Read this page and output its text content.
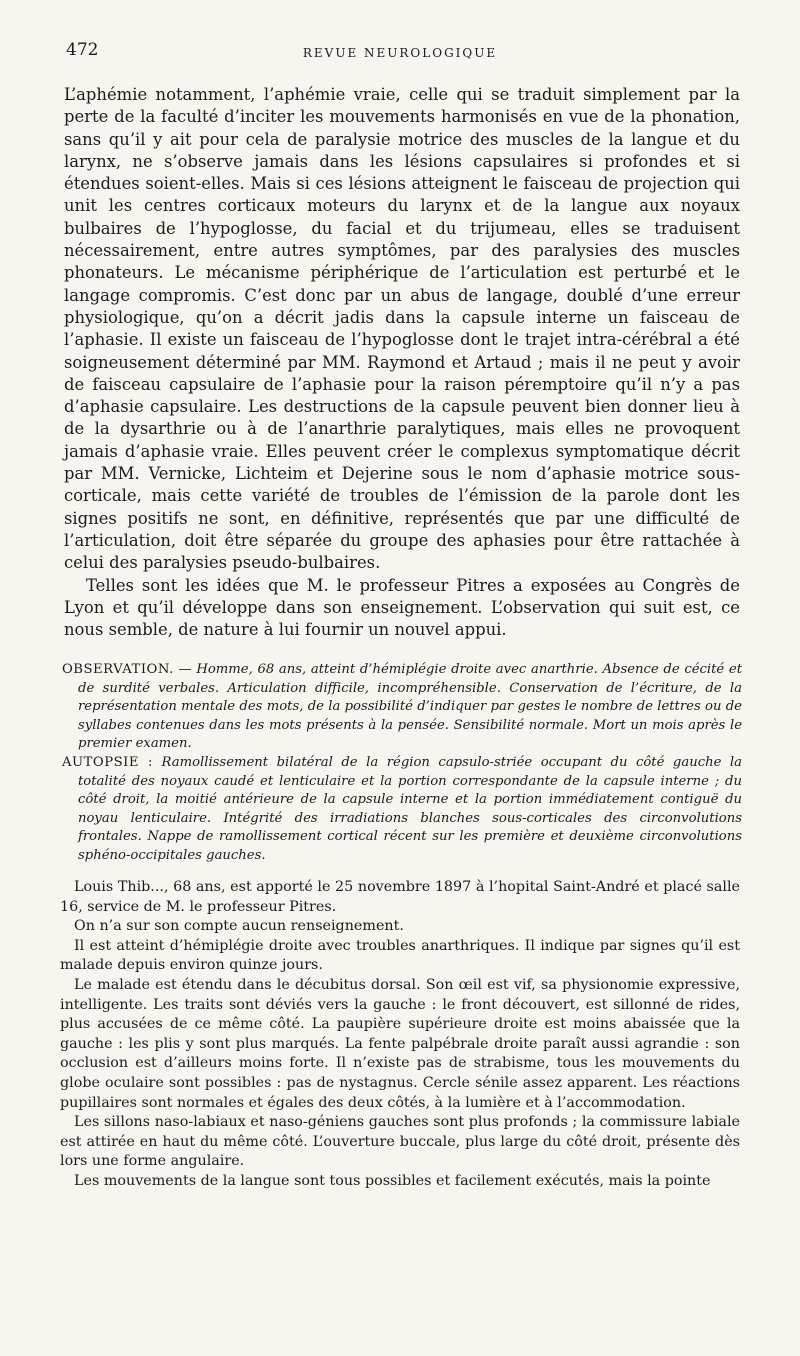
472	REVUE NEUROLOGIQUE

L’aphémie notamment, l’aphémie vraie, celle qui se traduit simplement par la perte de la faculté d’inciter les mouvements harmonisés en vue de la phonation, sans qu’il y ait pour cela de paralysie motrice des muscles de la langue et du larynx, ne s’observe jamais dans les lésions capsulaires si profondes et si étendues soient-elles. Mais si ces lésions atteignent le faisceau de projection qui unit les centres corticaux moteurs du larynx et de la langue aux noyaux bulbaires de l’hypoglosse, du facial et du trijumeau, elles se traduisent nécessairement, entre autres symptômes, par des paralysies des muscles phonateurs. Le mécanisme périphérique de l’articulation est perturbé et le langage compromis. C’est donc par un abus de langage, doublé d’une erreur physiologique, qu’on a décrit jadis dans la capsule interne un faisceau de l’aphasie. Il existe un faisceau de l’hypoglosse dont le trajet intra-cérébral a été soigneusement déterminé par MM. Raymond et Artaud ; mais il ne peut y avoir de faisceau capsulaire de l’aphasie pour la raison péremptoire qu’il n’y a pas d’aphasie capsulaire. Les destructions de la capsule peuvent bien donner lieu à de la dysarthrie ou à de l’anarthrie paralytiques, mais elles ne provoquent jamais d’aphasie vraie. Elles peuvent créer le complexus symptomatique décrit par MM. Vernicke, Lichteim et Dejerine sous le nom d’aphasie motrice sous-corticale, mais cette variété de troubles de l’émission de la parole dont les signes positifs ne sont, en définitive, représentés que par une difficulté de l’articulation, doit être séparée du groupe des aphasies pour être rattachée à celui des paralysies pseudo-bulbaires.

Telles sont les idées que M. le professeur Pitres a exposées au Congrès de Lyon et qu’il développe dans son enseignement. L’observation qui suit est, ce nous semble, de nature à lui fournir un nouvel appui.

OBSERVATION. — Homme, 68 ans, atteint d’hémiplégie droite avec anarthrie. Absence de cécité et de surdité verbales. Articulation difficile, incompréhensible. Conservation de l’écriture, de la représentation mentale des mots, de la possibilité d’indiquer par gestes le nombre de lettres ou de syllabes contenues dans les mots présents à la pensée. Sensibilité normale. Mort un mois après le premier examen.

AUTOPSIE : Ramollissement bilatéral de la région capsulo-striée occupant du côté gauche la totalité des noyaux caudé et lenticulaire et la portion correspondante de la capsule interne ; du côté droit, la moitié antérieure de la capsule interne et la portion immédiatement contiguë du noyau lenticulaire. Intégrité des irradiations blanches sous-corticales des circonvolutions frontales. Nappe de ramollissement cortical récent sur les première et deuxième circonvolutions sphéno-occipitales gauches.

Louis Thib..., 68 ans, est apporté le 25 novembre 1897 à l’hopital Saint-André et placé salle 16, service de M. le professeur Pitres.

On n’a sur son compte aucun renseignement.

Il est atteint d’hémiplégie droite avec troubles anarthriques. Il indique par signes qu’il est malade depuis environ quinze jours.

Le malade est étendu dans le décubitus dorsal. Son œil est vif, sa physionomie expressive, intelligente. Les traits sont déviés vers la gauche : le front découvert, est sillonné de rides, plus accusées de ce même côté. La paupière supérieure droite est moins abaissée que la gauche : les plis y sont plus marqués. La fente palpébrale droite paraît aussi agrandie : son occlusion est d’ailleurs moins forte. Il n’existe pas de strabisme, tous les mouvements du globe oculaire sont possibles : pas de nystagnus. Cercle sénile assez apparent. Les réactions pupillaires sont normales et égales des deux côtés, à la lumière et à l’accommodation.

Les sillons naso-labiaux et naso-géniens gauches sont plus profonds ; la commissure labiale est attirée en haut du même côté. L’ouverture buccale, plus large du côté droit, présente dès lors une forme angulaire.

Les mouvements de la langue sont tous possibles et facilement exécutés, mais la pointe
